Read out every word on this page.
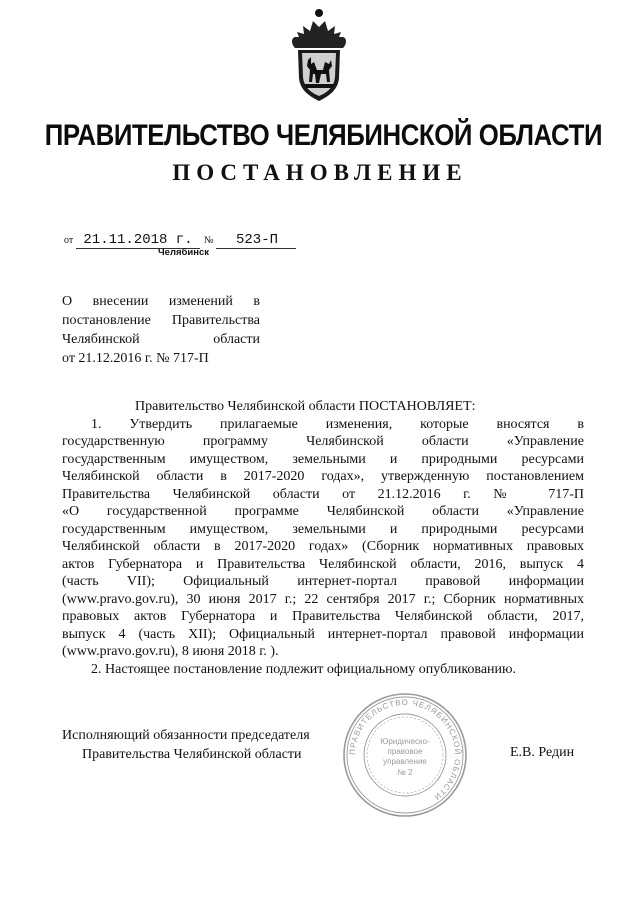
ПРАВИТЕЛЬСТВО ЧЕЛЯБИНСКОЙ ОБЛАСТИ
ПОСТАНОВЛЕНИЕ
от 21.11.2018 г.	№	523-П
Челябинск
О внесении изменений в
постановление Правительства
Челябинской области
от 21.12.2016 г. № 717-П
Правительство Челябинской области ПОСТАНОВЛЯЕТ:
1. Утвердить прилагаемые изменения, которые вносятся в
государственную программу Челябинской области «Управление
государственным имуществом, земельными и природными ресурсами
Челябинской области в 2017-2020 годах», утвержденную постановлением
Правительства Челябинской области от 21.12.2016 г. № 717-П
«О государственной программе Челябинской области «Управление
государственным имуществом, земельными и природными ресурсами
Челябинской области в 2017-2020 годах» (Сборник нормативных правовых
актов Губернатора и Правительства Челябинской области, 2016, выпуск 4
(часть VII); Официальный интернет-портал правовой информации
(www.pravo.gov.ru), 30 июня 2017 г.; 22 сентября 2017 г.; Сборник нормативных
правовых актов Губернатора и Правительства Челябинской области, 2017,
выпуск 4 (часть XII); Официальный интернет-портал правовой информации
(www.pravo.gov.ru), 8 июня 2018 г. ).
2. Настоящее постановление подлежит официальному опубликованию.
Исполняющий обязанности председателя
Правительства Челябинской области	Е.В. Редин
ПРАВИТЕЛЬСТВО ЧЕЛЯБИНСКОЙ ОБЛАСТИ
Юридическо-
правовое
управление
№ 2
